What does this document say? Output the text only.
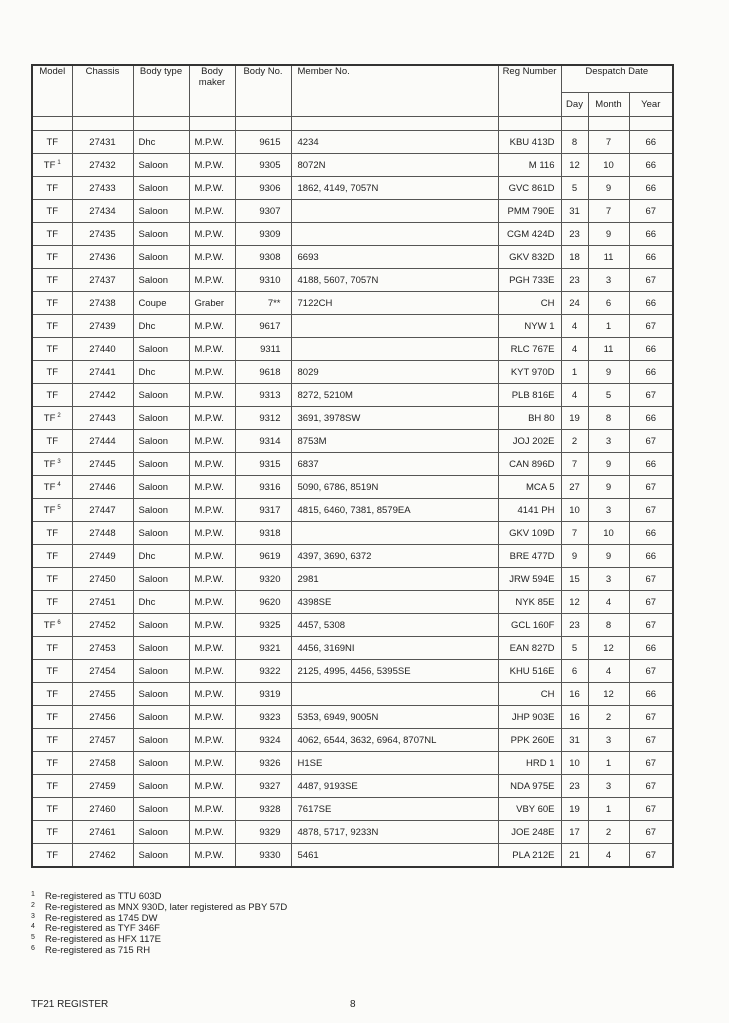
Model	Chassis	Body type	Body maker	Body No.	Member No.	Reg Number	Despatch Date		
							Day	Month	Year

TF	27431	Dhc	M.P.W.	9615	4234	KBU 413D	8	7	66
TF $^1$	27432	Saloon	M.P.W.	9305	8072N	M 116	12	10	66
TF	27433	Saloon	M.P.W.	9306	1862, 4149, 7057N	GVC 861D	5	9	66
TF	27434	Saloon	M.P.W.	9307		PMM 790E	31	7	67
TF	27435	Saloon	M.P.W.	9309		CGM 424D	23	9	66
TF	27436	Saloon	M.P.W.	9308	6693	GKV 832D	18	11	66
TF	27437	Saloon	M.P.W.	9310	4188, 5607, 7057N	PGH 733E	23	3	67
TF	27438	Coupe	Graber	7**	7122CH	CH	24	6	66
TF	27439	Dhc	M.P.W.	9617		NYW 1	4	1	67
TF	27440	Saloon	M.P.W.	9311		RLC 767E	4	11	66
TF	27441	Dhc	M.P.W.	9618	8029	KYT 970D	1	9	66
TF	27442	Saloon	M.P.W.	9313	8272, 5210M	PLB 816E	4	5	67
TF $^2$	27443	Saloon	M.P.W.	9312	3691, 3978SW	BH 80	19	8	66
TF	27444	Saloon	M.P.W.	9314	8753M	JOJ 202E	2	3	67
TF $^3$	27445	Saloon	M.P.W.	9315	6837	CAN 896D	7	9	66
TF $^4$	27446	Saloon	M.P.W.	9316	5090, 6786, 8519N	MCA 5	27	9	67
TF $^5$	27447	Saloon	M.P.W.	9317	4815, 6460, 7381, 8579EA	4141 PH	10	3	67
TF	27448	Saloon	M.P.W.	9318		GKV 109D	7	10	66
TF	27449	Dhc	M.P.W.	9619	4397, 3690, 6372	BRE 477D	9	9	66
TF	27450	Saloon	M.P.W.	9320	2981	JRW 594E	15	3	67
TF	27451	Dhc	M.P.W.	9620	4398SE	NYK 85E	12	4	67
TF $^6$	27452	Saloon	M.P.W.	9325	4457, 5308	GCL 160F	23	8	67
TF	27453	Saloon	M.P.W.	9321	4456, 3169NI	EAN 827D	5	12	66
TF	27454	Saloon	M.P.W.	9322	2125, 4995, 4456, 5395SE	KHU 516E	6	4	67
TF	27455	Saloon	M.P.W.	9319		CH	16	12	66
TF	27456	Saloon	M.P.W.	9323	5353, 6949, 9005N	JHP 903E	16	2	67
TF	27457	Saloon	M.P.W.	9324	4062, 6544, 3632, 6964, 8707NL	PPK 260E	31	3	67
TF	27458	Saloon	M.P.W.	9326	H1SE	HRD 1	10	1	67
TF	27459	Saloon	M.P.W.	9327	4487, 9193SE	NDA 975E	23	3	67
TF	27460	Saloon	M.P.W.	9328	7617SE	VBY 60E	19	1	67
TF	27461	Saloon	M.P.W.	9329	4878, 5717, 9233N	JOE 248E	17	2	67
TF	27462	Saloon	M.P.W.	9330	5461	PLA 212E	21	4	67
1 Re-registered as TTU 603D
2 Re-registered as MNX 930D, later registered as PBY 57D
3 Re-registered as 1745 DW
4 Re-registered as TYF 346F
5 Re-registered as HFX 117E
6 Re-registered as 715 RH
TF21 REGISTER	8
